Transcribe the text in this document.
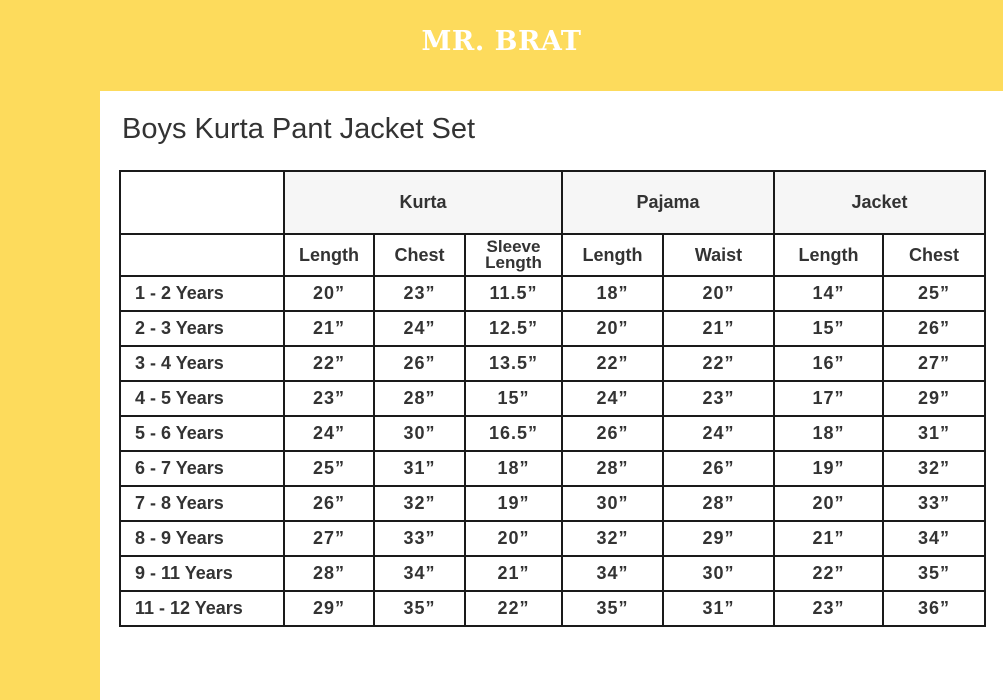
MR. BRAT
Boys Kurta Pant Jacket Set
	Kurta			Pajama		Jacket	
	Length	Chest	Sleeve Length	Length	Waist	Length	Chest
1 - 2 Years	20”	23”	11.5”	18”	20”	14”	25”
2 - 3 Years	21”	24”	12.5”	20”	21”	15”	26”
3 - 4 Years	22”	26”	13.5”	22”	22”	16”	27”
4 - 5 Years	23”	28”	15”	24”	23”	17”	29”
5 - 6 Years	24”	30”	16.5”	26”	24”	18”	31”
6 - 7 Years	25”	31”	18”	28”	26”	19”	32”
7 - 8 Years	26”	32”	19”	30”	28”	20”	33”
8 - 9 Years	27”	33”	20”	32”	29”	21”	34”
9 - 11 Years	28”	34”	21”	34”	30”	22”	35”
11 - 12 Years	29”	35”	22”	35”	31”	23”	36”
